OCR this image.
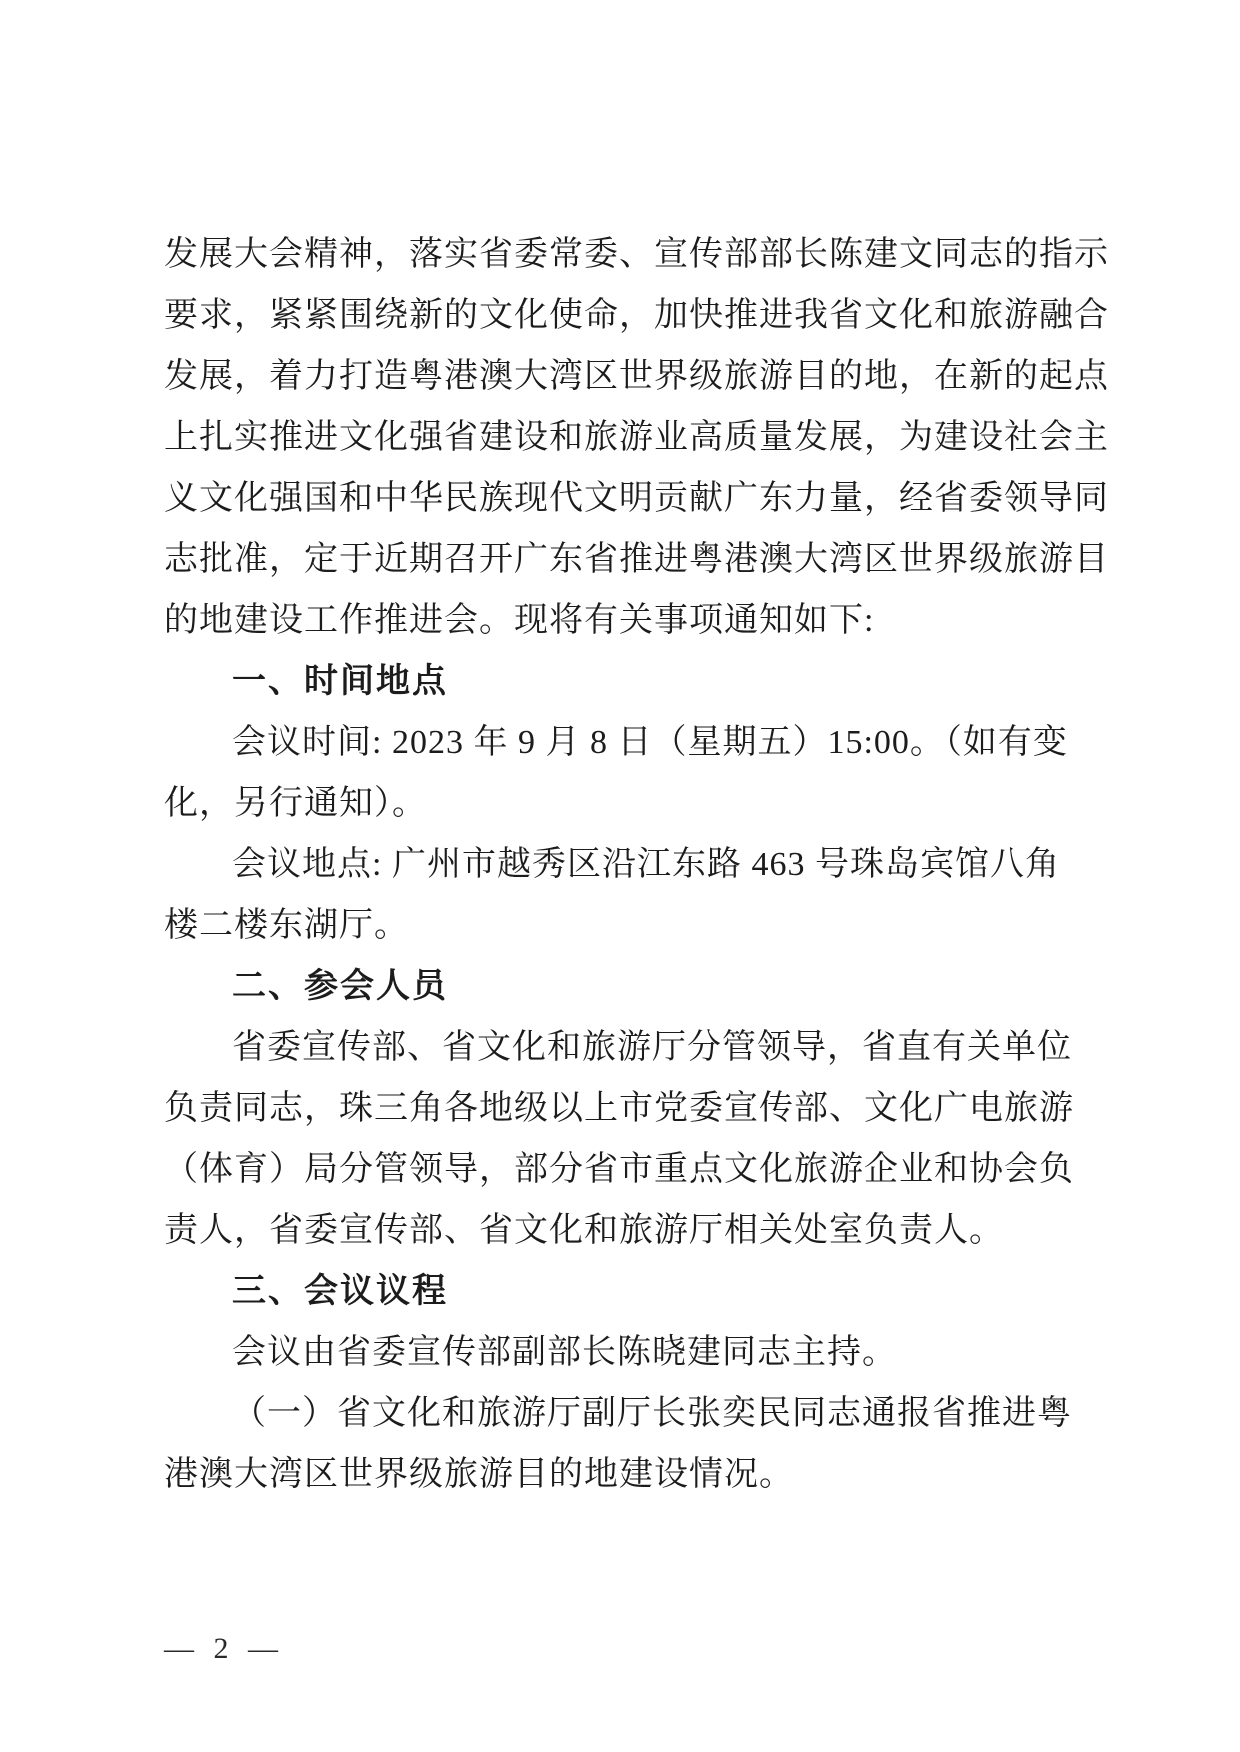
发展大会精神，落实省委常委、宣传部部长陈建文同志的指示
要求，紧紧围绕新的文化使命，加快推进我省文化和旅游融合
发展，着力打造粤港澳大湾区世界级旅游目的地，在新的起点
上扎实推进文化强省建设和旅游业高质量发展，为建设社会主
义文化强国和中华民族现代文明贡献广东力量，经省委领导同
志批准，定于近期召开广东省推进粤港澳大湾区世界级旅游目
的地建设工作推进会。现将有关事项通知如下:
一、时间地点
会议时间: 2023 年 9 月 8 日（星期五）15:00。（如有变
化，另行通知）。
会议地点: 广州市越秀区沿江东路 463 号珠岛宾馆八角
楼二楼东湖厅。
二、参会人员
省委宣传部、省文化和旅游厅分管领导，省直有关单位
负责同志，珠三角各地级以上市党委宣传部、文化广电旅游
（体育）局分管领导，部分省市重点文化旅游企业和协会负
责人，省委宣传部、省文化和旅游厅相关处室负责人。
三、会议议程
会议由省委宣传部副部长陈晓建同志主持。
（一）省文化和旅游厅副厅长张奕民同志通报省推进粤
港澳大湾区世界级旅游目的地建设情况。
— 2 —
